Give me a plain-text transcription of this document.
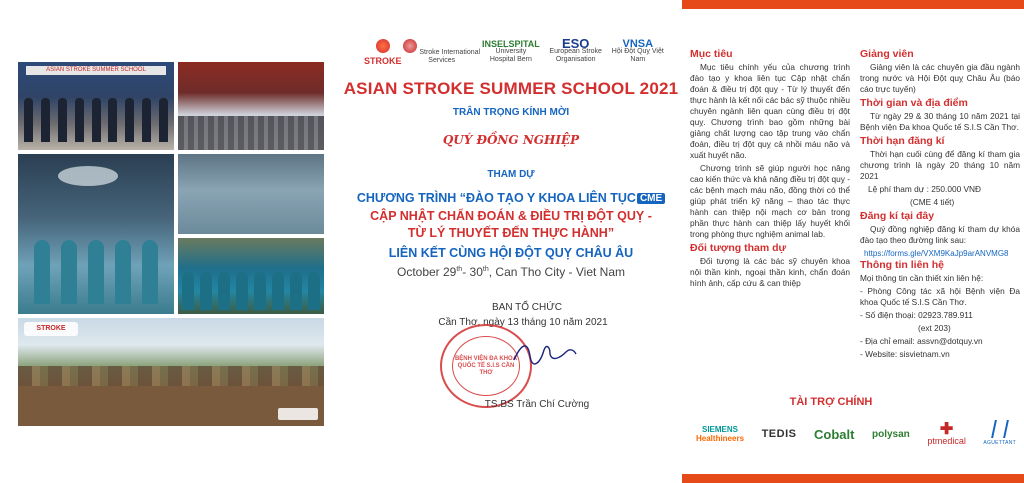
ASIAN STROKE SUMMER SCHOOL
STROKE
STROKE
Stroke International Services
INSELSPITAL
University Hospital Bern
ESO
European Stroke Organisation
VNSA
Hội Đột Quỵ Việt Nam
ASIAN STROKE SUMMER SCHOOL 2021
TRÂN TRỌNG KÍNH MỜI
QUÝ ĐỒNG NGHIỆP
THAM DỰ
CHƯƠNG TRÌNH “ĐÀO TẠO Y KHOA LIÊN TỤC CME
CẬP NHẬT CHẨN ĐOÁN & ĐIỀU TRỊ ĐỘT QUỴ -
TỪ LÝ THUYẾT ĐẾN THỰC HÀNH”
LIÊN KẾT CÙNG HỘI ĐỘT QUỴ CHÂU ÂU
October 29th- 30th, Can Tho City - Viet Nam
BAN TỔ CHỨC
Cần Thơ, ngày 13 tháng 10 năm 2021
BỆNH VIỆN ĐA KHOA QUỐC TẾ S.I.S CẦN THƠ
TS.BS Trần Chí Cường
Mục tiêu
Mục tiêu chính yếu của chương trình đào tạo y khoa liên tục Cập nhật chẩn đoán & điều trị đột quỵ - Từ lý thuyết đến thực hành là kết nối các bác sỹ thuộc nhiều chuyên ngành liên quan cùng điều trị đột quỵ. Chương trình bao gồm những bài giảng chất lượng cao tập trung vào chẩn đoán, điều trị đột quỵ cả nhồi máu não và xuất huyết não.
Chương trình sẽ giúp người học nâng cao kiến thức và khả năng điều trị đột quỵ - các bệnh mạch máu não, đồng thời có thể giúp phát triển kỹ năng – thao tác thực hành can thiệp nội mạch cơ bản trong phần thực hành can thiệp lấy huyết khối trong phòng thực nghiệm animal lab.
Đối tượng tham dự
Đối tượng là các bác sỹ chuyên khoa nội thần kinh, ngoại thần kinh, chẩn đoán hình ảnh, cấp cứu & can thiệp
Giảng viên
Giảng viên là các chuyên gia đầu ngành trong nước và Hội Đột quỵ Châu Âu (báo cáo trực tuyến)
Thời gian và địa điểm
Từ ngày 29 & 30 tháng 10 năm 2021 tại Bệnh viện Đa khoa Quốc tế S.I.S Cần Thơ.
Thời hạn đăng kí
Thời hạn cuối cùng để đăng kí tham gia chương trình là ngày 20 tháng 10 năm 2021
Lệ phí tham dự : 250.000 VNĐ
(CME 4 tiết)
Đăng kí tại đây
Quý đồng nghiệp đăng kí tham dự khóa đào tạo theo đường link sau:
https://forms.gle/VXM9KaJp9arANVMG8
Thông tin liên hệ
Mọi thông tin cần thiết xin liên hệ:
- Phòng Công tác xã hội Bệnh viện Đa khoa Quốc tế S.I.S Cần Thơ.
- Số điện thoại: 02923.789.911
(ext 203)
- Địa chỉ email: assvn@dotquy.vn
- Website: sisvietnam.vn
TÀI TRỢ CHÍNH
SIEMENS
Healthineers TEDIS Cobalt polysan	✚
ptmedical	AGUETTANT
